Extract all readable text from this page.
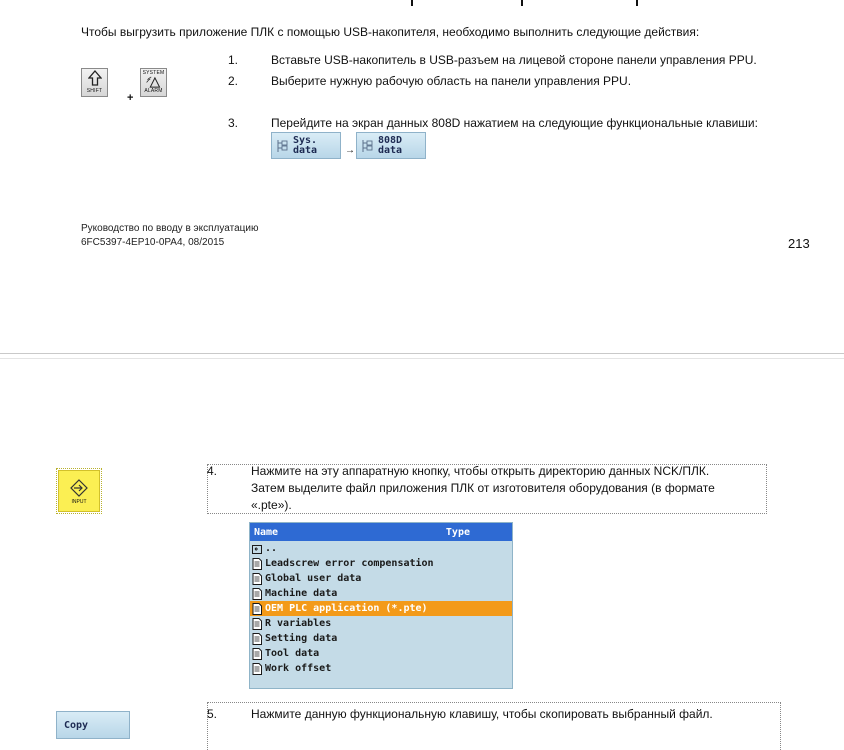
Чтобы выгрузить приложение ПЛК с помощью USB-накопителя, необходимо выполнить следующие действия:
SHIFT
+
SYSTEM
ALARM
1.	Вставьте USB-накопитель в USB-разъем на лицевой стороне панели управления PPU.
2.	Выберите нужную рабочую область на панели управления PPU.
3.	Перейдите на экран данных 808D нажатием на следующие функциональные клавиши:
Sys.
data	→
808D
data
Руководство по вводу в эксплуатацию
6FC5397-4EP10-0PA4, 08/2015	213
INPUT
4.	Нажмите на эту аппаратную кнопку, чтобы открыть директорию данных NCK/ПЛК.
Затем выделите файл приложения ПЛК от изготовителя оборудования (в формате
«.pte»).
Name	Type
..
Leadscrew error compensation
Global user data
Machine data
OEM PLC application (*.pte)
R variables
Setting data
Tool data
Work offset
Copy
5.	Нажмите данную функциональную клавишу, чтобы скопировать выбранный файл.
